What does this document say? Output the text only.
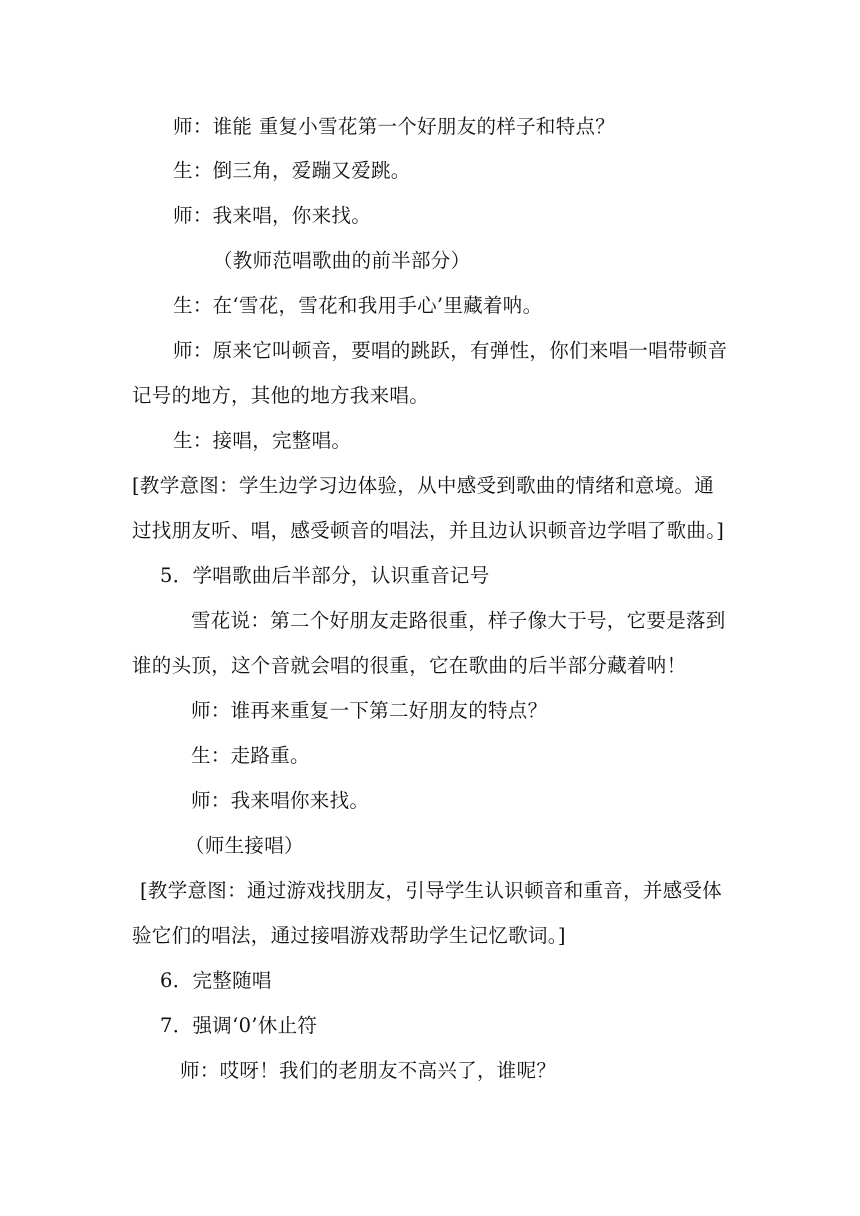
师：谁能 重复小雪花第一个好朋友的样子和特点？
生：倒三角，爱蹦又爱跳。
师：我来唱，你来找。
（教师范唱歌曲的前半部分）
生：在‘雪花，雪花和我用手心’里藏着呐。
师：原来它叫顿音，要唱的跳跃，有弹性，你们来唱一唱带顿音
记号的地方，其他的地方我来唱。
生：接唱，完整唱。
[教学意图：学生边学习边体验，从中感受到歌曲的情绪和意境。通
过找朋友听、唱，感受顿音的唱法，并且边认识顿音边学唱了歌曲。]
5．学唱歌曲后半部分，认识重音记号
雪花说：第二个好朋友走路很重，样子像大于号，它要是落到
谁的头顶，这个音就会唱的很重，它在歌曲的后半部分藏着呐！
师：谁再来重复一下第二好朋友的特点？
生：走路重。
师：我来唱你来找。
（师生接唱）
[教学意图：通过游戏找朋友，引导学生认识顿音和重音，并感受体
验它们的唱法，通过接唱游戏帮助学生记忆歌词。]
6．完整随唱
7．强调‘0’休止符
师：哎呀！我们的老朋友不高兴了，谁呢？
